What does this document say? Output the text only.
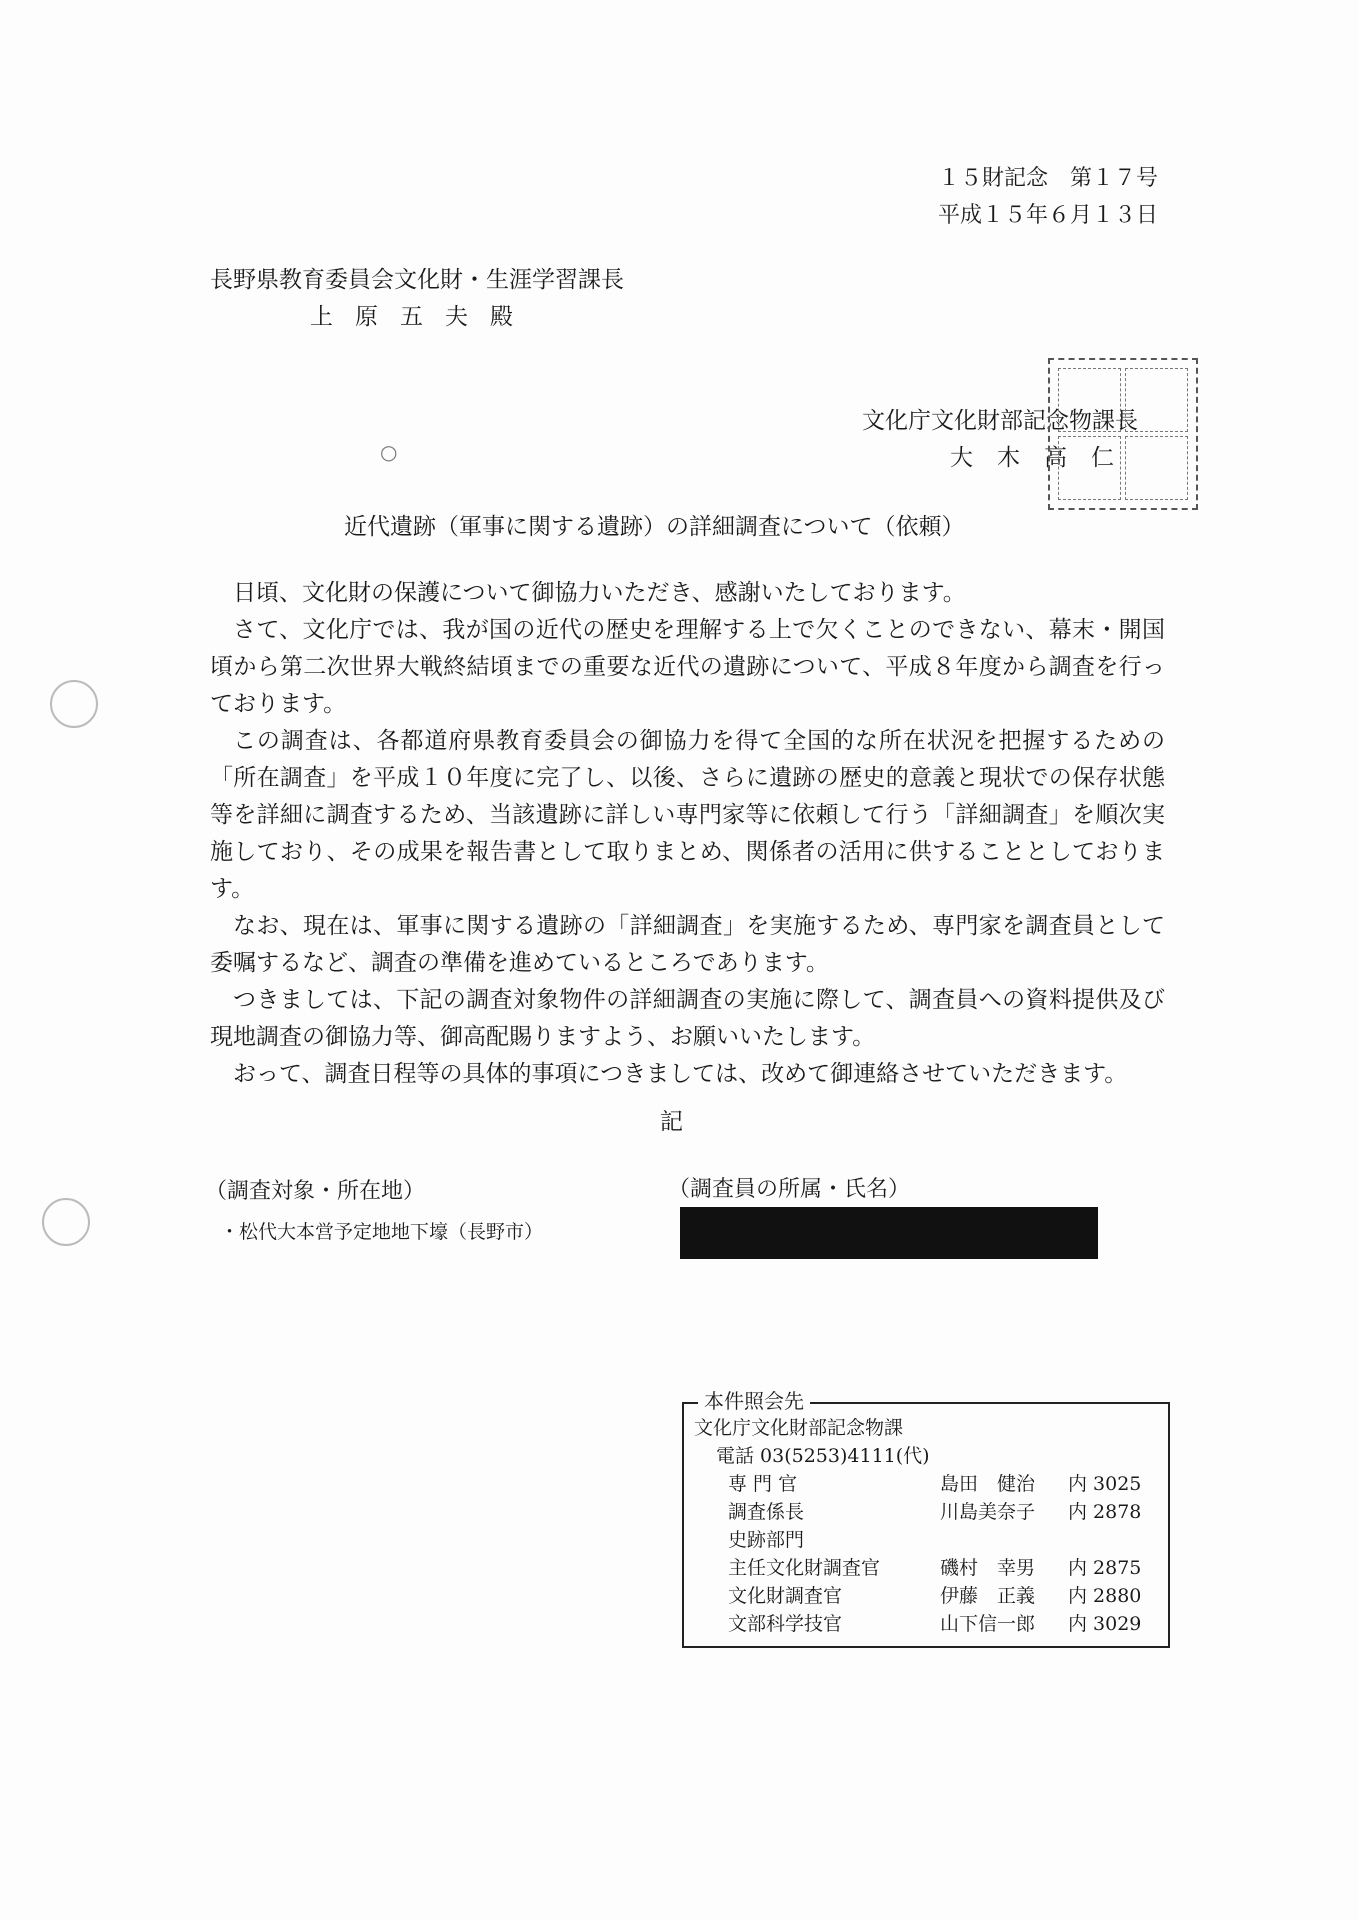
○
１５財記念　第１７号
平成１５年６月１３日
長野県教育委員会文化財・生涯学習課長
上原五夫殿
文化庁文化財部記念物課長
大木高仁
近代遺跡（軍事に関する遺跡）の詳細調査について（依頼）

日頃、文化財の保護について御協力いただき、感謝いたしております。

さて、文化庁では、我が国の近代の歴史を理解する上で欠くことのできない、幕末・開国頃から第二次世界大戦終結頃までの重要な近代の遺跡について、平成８年度から調査を行っております。

この調査は、各都道府県教育委員会の御協力を得て全国的な所在状況を把握するための「所在調査」を平成１０年度に完了し、以後、さらに遺跡の歴史的意義と現状での保存状態等を詳細に調査するため、当該遺跡に詳しい専門家等に依頼して行う「詳細調査」を順次実施しており、その成果を報告書として取りまとめ、関係者の活用に供することとしております。

なお、現在は、軍事に関する遺跡の「詳細調査」を実施するため、専門家を調査員として委嘱するなど、調査の準備を進めているところであります。

つきましては、下記の調査対象物件の詳細調査の実施に際して、調査員への資料提供及び現地調査の御協力等、御高配賜りますよう、お願いいたします。

おって、調査日程等の具体的事項につきましては、改めて御連絡させていただきます。

記
（調査対象・所在地）
・松代大本営予定地地下壕（長野市）
（調査員の所属・氏名）
本件照会先
文化庁文化財部記念物課
電話 03(5253)4111(代)
専 門 官	島田　健治	内 3025
調査係長	川島美奈子	内 2878
史跡部門
主任文化財調査官	磯村　幸男	内 2875
文化財調査官	伊藤　正義	内 2880
文部科学技官	山下信一郎	内 3029
